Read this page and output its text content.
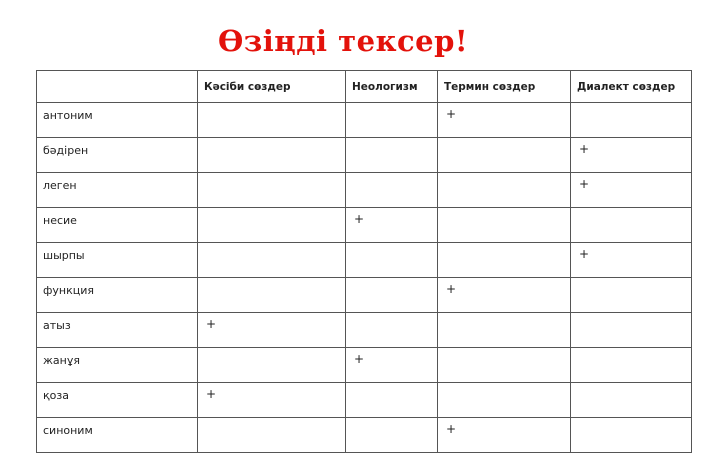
Өзіңді тексер!
	Кәсіби сөздер	Неологизм	Термин сөздер	Диалект сөздер
антоним			+	
бәдірен				+
леген				+
несие		+		
шырпы				+
функция			+	
атыз	+			
жанұя		+		
қоза	+			
синоним			+	
